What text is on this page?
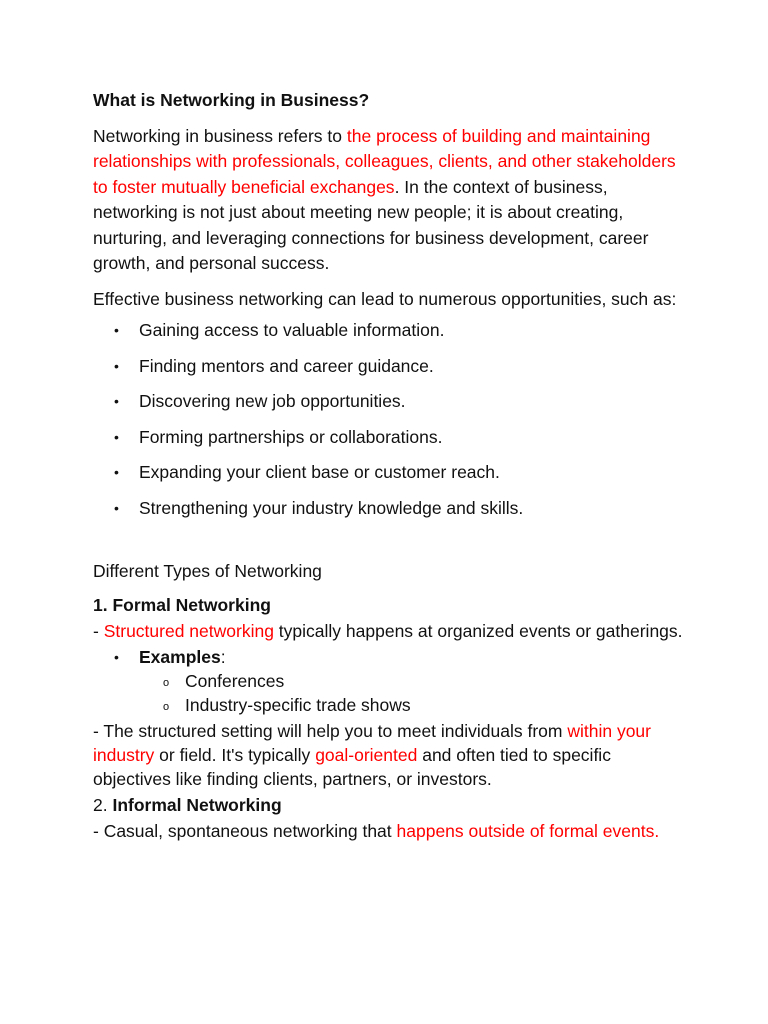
What is Networking in Business?

Networking in business refers to the process of building and maintaining relationships with professionals, colleagues, clients, and other stakeholders to foster mutually beneficial exchanges. In the context of business, networking is not just about meeting new people; it is about creating, nurturing, and leveraging connections for business development, career growth, and personal success.

Effective business networking can lead to numerous opportunities, such as:

• Gaining access to valuable information.
• Finding mentors and career guidance.
• Discovering new job opportunities.
• Forming partnerships or collaborations.
• Expanding your client base or customer reach.
• Strengthening your industry knowledge and skills.

Different Types of Networking

1. Formal Networking

- Structured networking typically happens at organized events or gatherings.

• Examples:
o Conferences
o Industry-specific trade shows

- The structured setting will help you to meet individuals from within your industry or field. It's typically goal-oriented and often tied to specific objectives like finding clients, partners, or investors.

2. Informal Networking

- Casual, spontaneous networking that happens outside of formal events.
